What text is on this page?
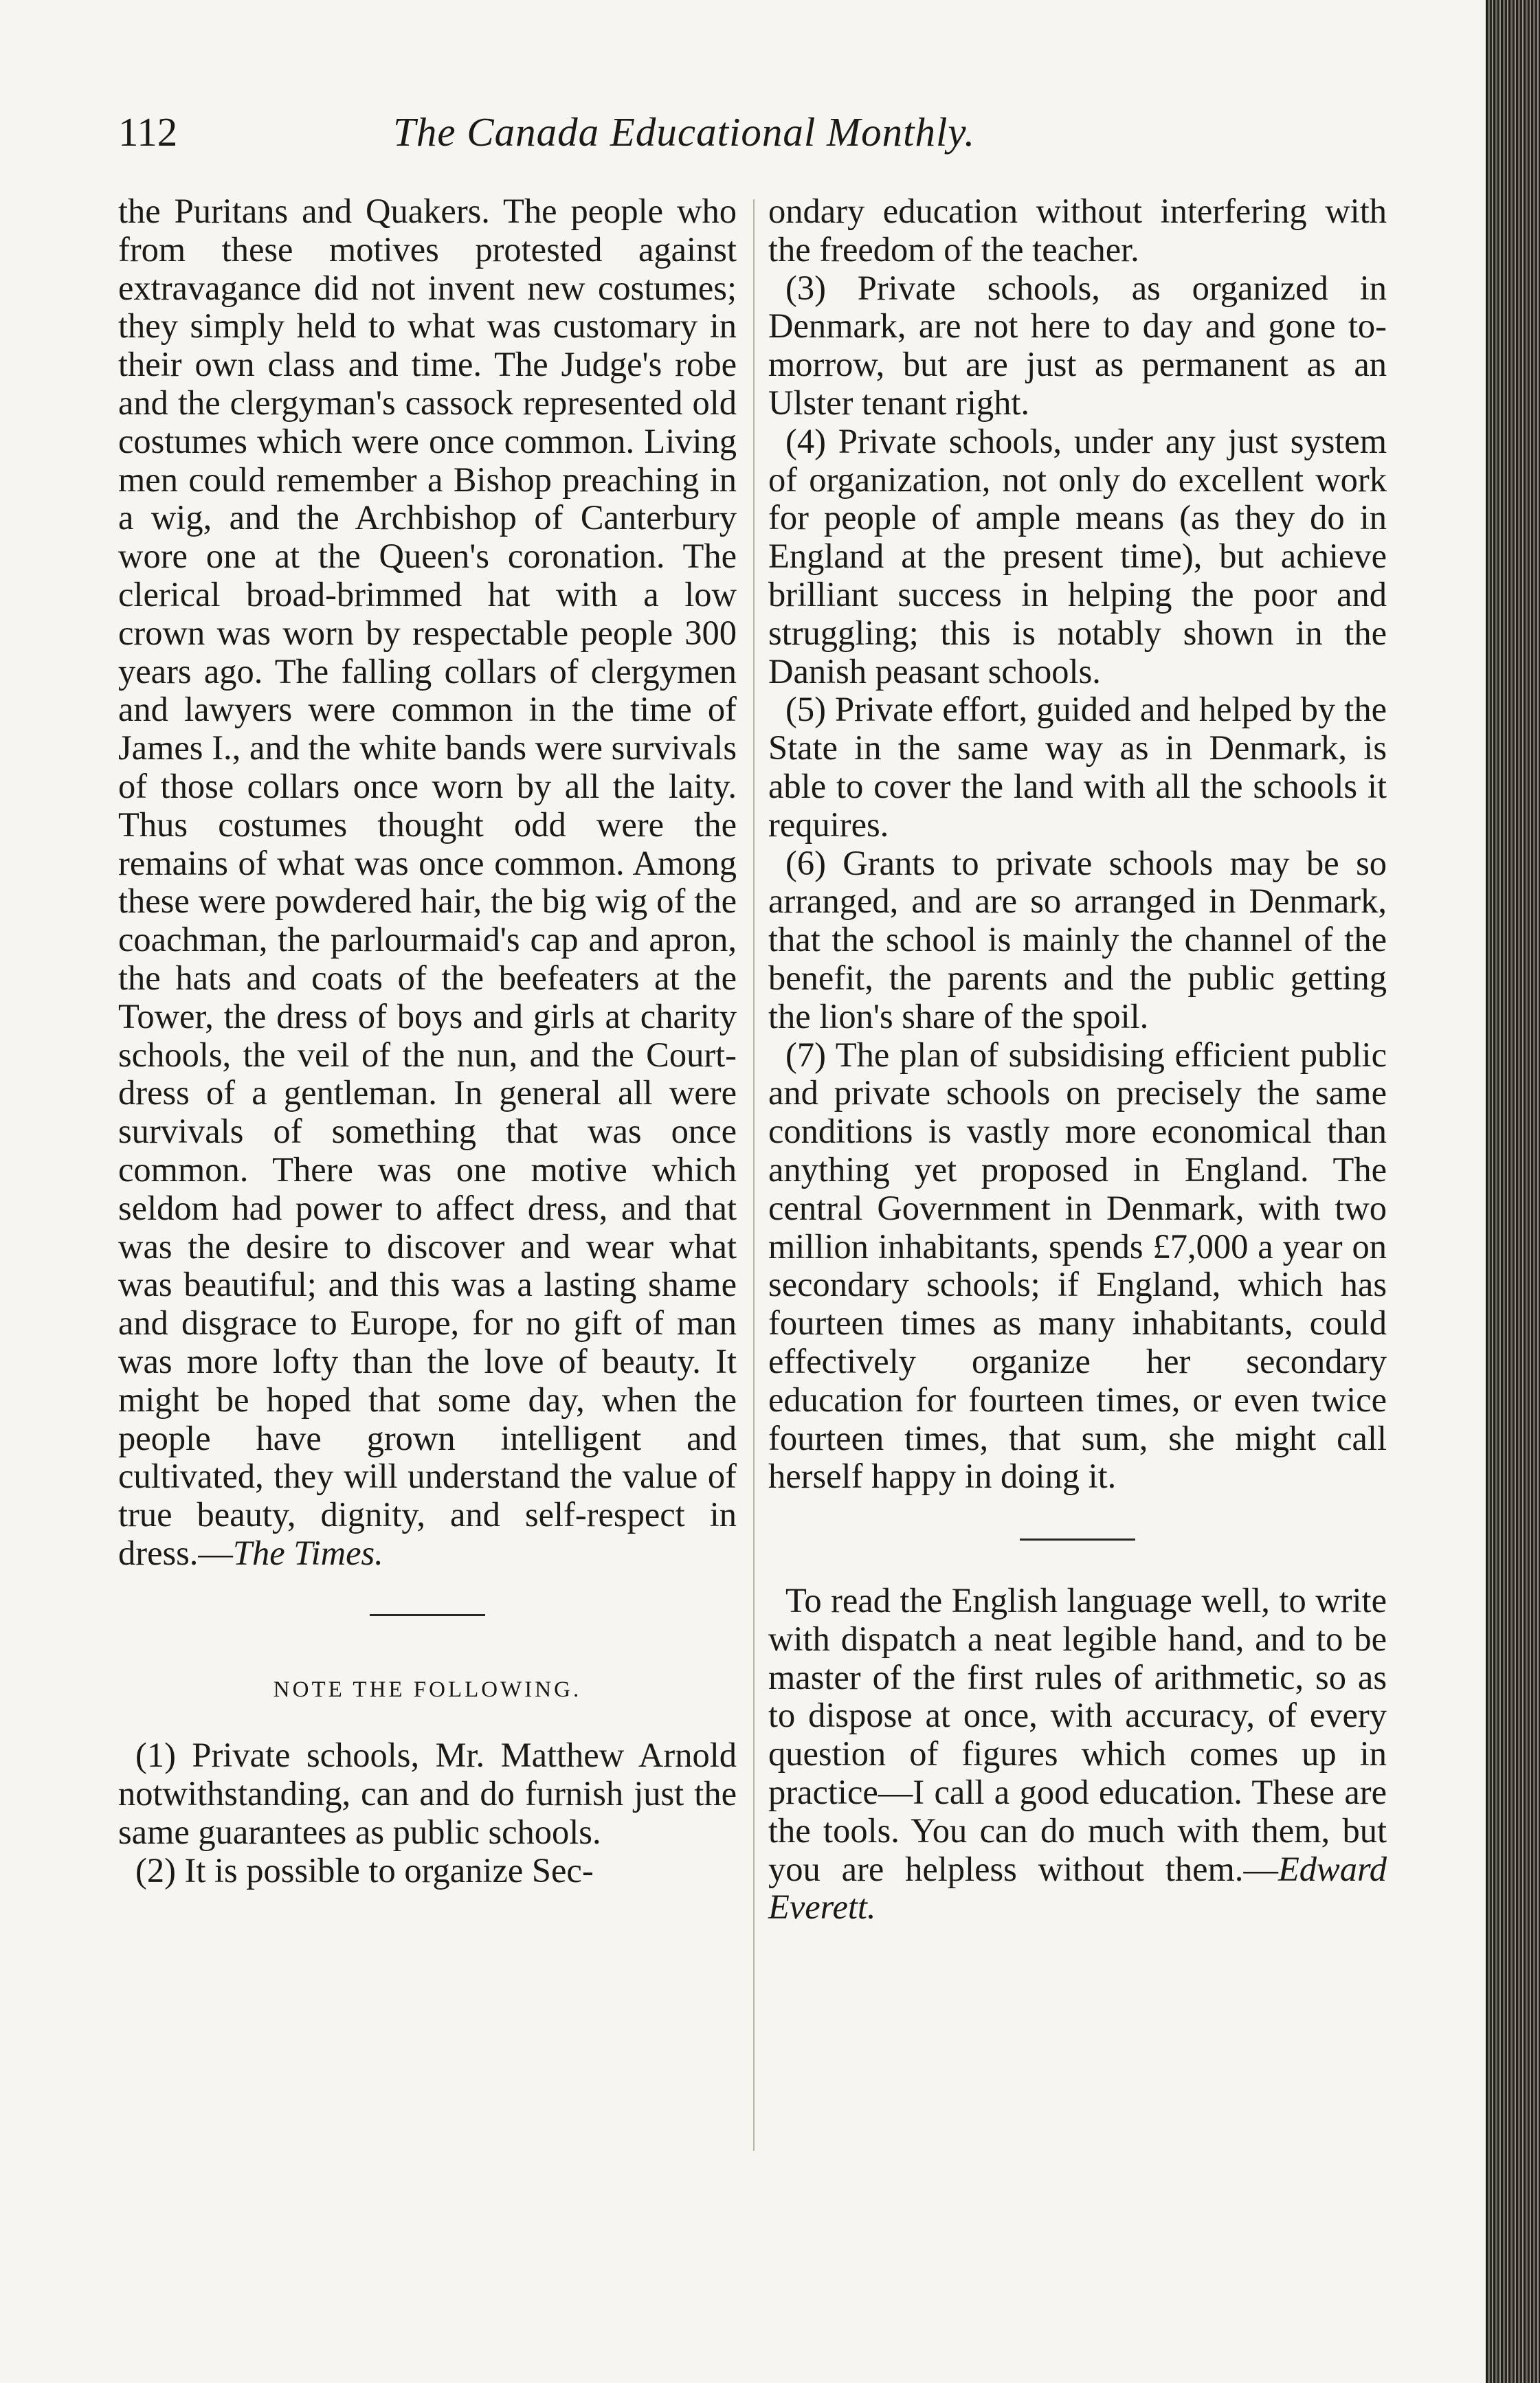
112	The Canada Educational Monthly.

the Puritans and Quakers. The people who from these motives protested against extravagance did not invent new costumes; they simply held to what was customary in their own class and time. The Judge's robe and the clergyman's cassock represented old costumes which were once common. Living men could remember a Bishop preaching in a wig, and the Archbishop of Canterbury wore one at the Queen's coronation. The clerical broad-brimmed hat with a low crown was worn by respectable people 300 years ago. The falling collars of clergymen and lawyers were common in the time of James I., and the white bands were survivals of those collars once worn by all the laity. Thus costumes thought odd were the remains of what was once common. Among these were powdered hair, the big wig of the coachman, the parlourmaid's cap and apron, the hats and coats of the beefeaters at the Tower, the dress of boys and girls at charity schools, the veil of the nun, and the Court-dress of a gentleman. In general all were survivals of something that was once common. There was one motive which seldom had power to affect dress, and that was the desire to discover and wear what was beautiful; and this was a lasting shame and disgrace to Europe, for no gift of man was more lofty than the love of beauty. It might be hoped that some day, when the people have grown intelligent and cultivated, they will understand the value of true beauty, dignity, and self-respect in dress.—The Times.

NOTE THE FOLLOWING.

(1) Private schools, Mr. Matthew Arnold notwithstanding, can and do furnish just the same guarantees as public schools.

(2) It is possible to organize Sec-

ondary education without interfering with the freedom of the teacher.

(3) Private schools, as organized in Denmark, are not here to day and gone to-morrow, but are just as permanent as an Ulster tenant right.

(4) Private schools, under any just system of organization, not only do excellent work for people of ample means (as they do in England at the present time), but achieve brilliant success in helping the poor and struggling; this is notably shown in the Danish peasant schools.

(5) Private effort, guided and helped by the State in the same way as in Denmark, is able to cover the land with all the schools it requires.

(6) Grants to private schools may be so arranged, and are so arranged in Denmark, that the school is mainly the channel of the benefit, the parents and the public getting the lion's share of the spoil.

(7) The plan of subsidising efficient public and private schools on precisely the same conditions is vastly more economical than anything yet proposed in England. The central Government in Denmark, with two million inhabitants, spends £7,000 a year on secondary schools; if England, which has fourteen times as many inhabitants, could effectively organize her secondary education for fourteen times, or even twice fourteen times, that sum, she might call herself happy in doing it.

To read the English language well, to write with dispatch a neat legible hand, and to be master of the first rules of arithmetic, so as to dispose at once, with accuracy, of every question of figures which comes up in practice—I call a good education. These are the tools. You can do much with them, but you are helpless without them.—Edward Everett.
